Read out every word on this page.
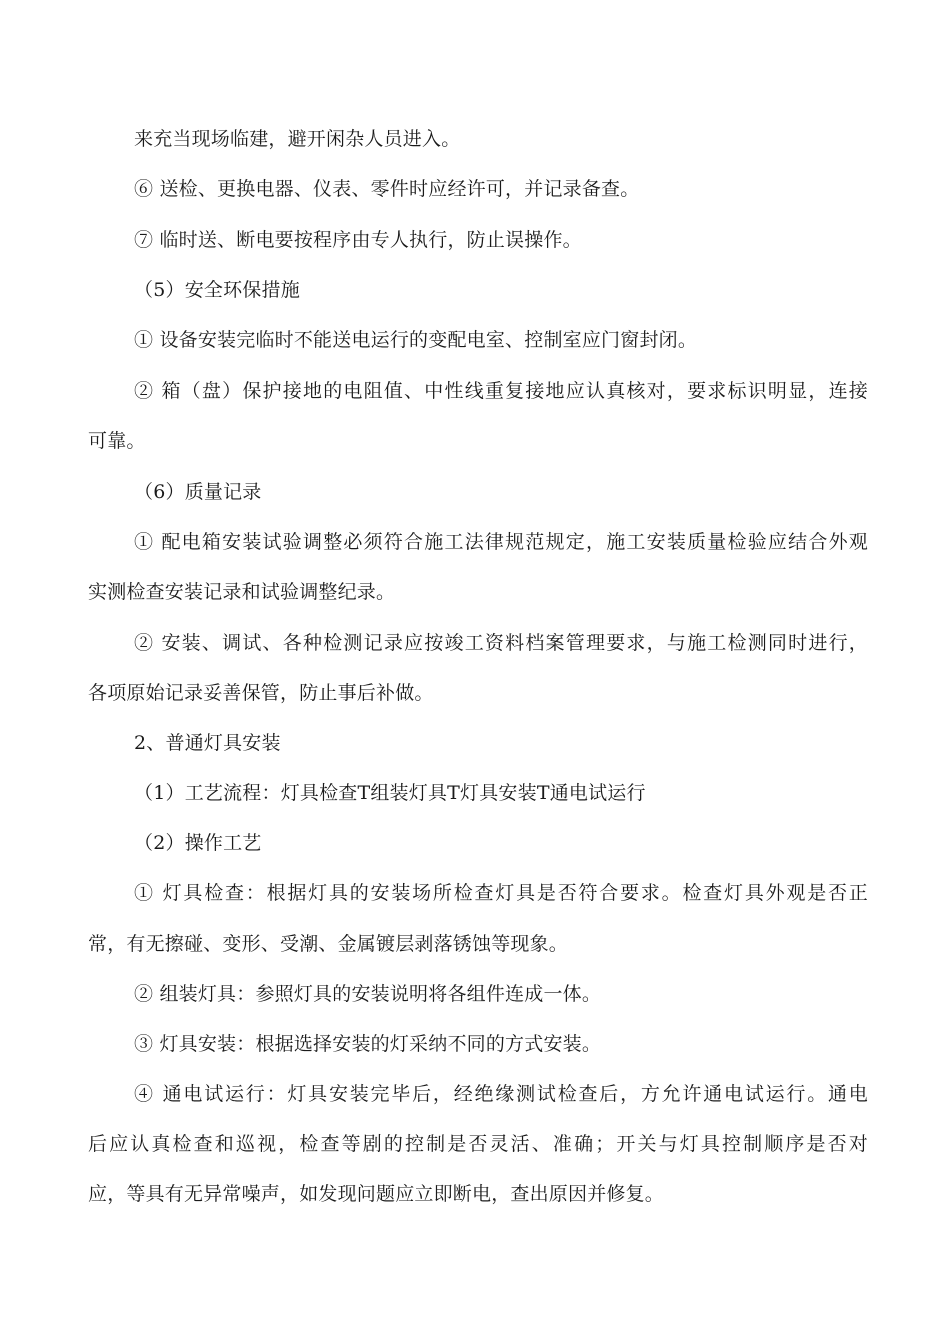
来充当现场临建，避开闲杂人员进入。
⑥ 送检、更换电器、仪表、零件时应经许可，并记录备查。
⑦ 临时送、断电要按程序由专人执行，防止误操作。
（5）安全环保措施
① 设备安装完临时不能送电运行的变配电室、控制室应门窗封闭。
② 箱（盘）保护接地的电阻值、中性线重复接地应认真核对，要求标识明显，连接
可靠。
（6）质量记录
① 配电箱安装试验调整必须符合施工法律规范规定，施工安装质量检验应结合外观
实测检查安装记录和试验调整纪录。
② 安装、调试、各种检测记录应按竣工资料档案管理要求，与施工检测同时进行，
各项原始记录妥善保管，防止事后补做。
2、普通灯具安装
（1）工艺流程：灯具检查T组装灯具T灯具安装T通电试运行
（2）操作工艺
① 灯具检查：根据灯具的安装场所检查灯具是否符合要求。检查灯具外观是否正
常，有无擦碰、变形、受潮、金属镀层剥落锈蚀等现象。
② 组装灯具：参照灯具的安装说明将各组件连成一体。
③ 灯具安装：根据选择安装的灯采纳不同的方式安装。
④ 通电试运行：灯具安装完毕后，经绝缘测试检查后，方允许通电试运行。通电
后应认真检查和巡视，检查等剧的控制是否灵活、准确；开关与灯具控制顺序是否对
应，等具有无异常噪声，如发现问题应立即断电，查出原因并修复。
